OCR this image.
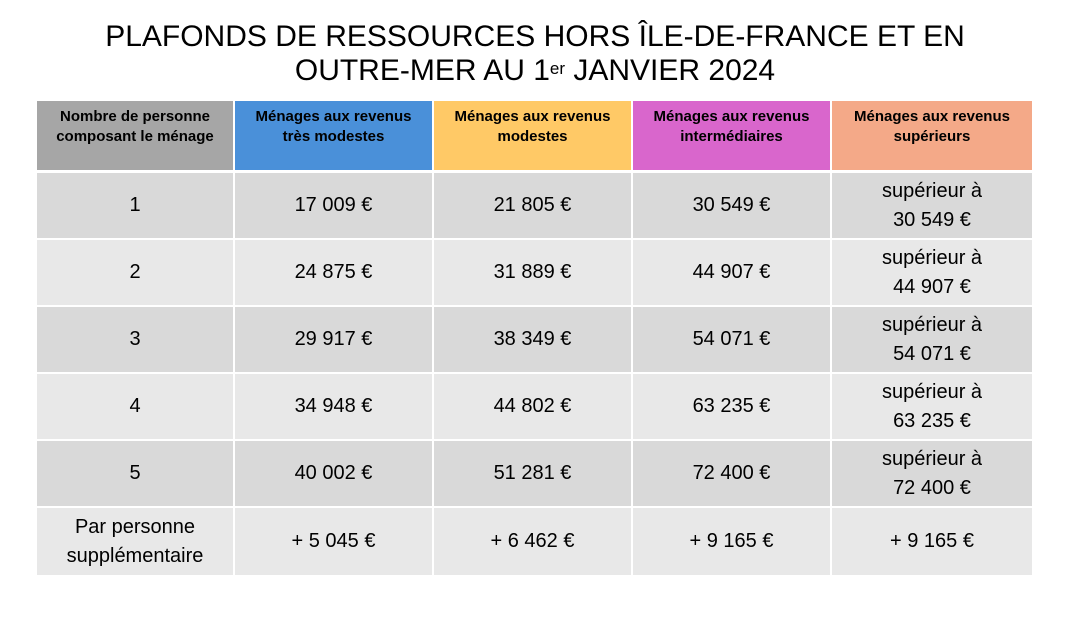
PLAFONDS DE RESSOURCES HORS ÎLE-DE-FRANCE ET EN
OUTRE-MER AU 1er JANVIER 2024
Nombre de personne composant le ménage	Ménages aux revenus très modestes	Ménages aux revenus modestes	Ménages aux revenus intermédiaires	Ménages aux revenus supérieurs
1	17 009 €	21 805 €	30 549 €	supérieur à
30 549 €

2	24 875 €	31 889 €	44 907 €	supérieur à
44 907 €

3	29 917 €	38 349 €	54 071 €	supérieur à
54 071 €

4	34 948 €	44 802 €	63 235 €	supérieur à
63 235 €

5	40 002 €	51 281 €	72 400 €	supérieur à
72 400 €

Par personne
supplémentaire	+ 5 045 €	+ 6 462 €	+ 9 165 €	+ 9 165 €
